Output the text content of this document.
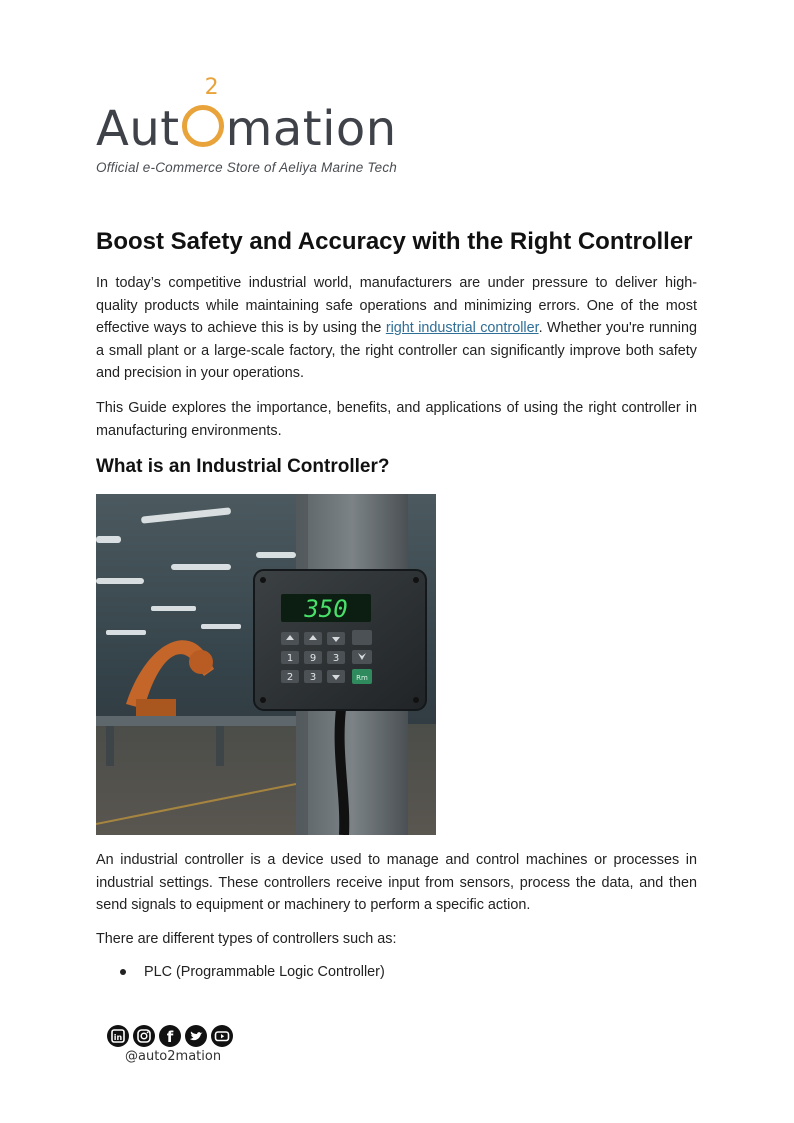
Aut
2
mation
Official e-Commerce Store of Aeliya Marine Tech
Boost Safety and Accuracy with the Right Controller

In today’s competitive industrial world, manufacturers are under pressure to deliver high-quality products while maintaining safe operations and minimizing errors. One of the most effective ways to achieve this is by using the right industrial controller. Whether you're running a small plant or a large-scale factory, the right controller can significantly improve both safety and precision in your operations.

This Guide explores the importance, benefits, and applications of using the right controller in manufacturing environments.

What is an Industrial Controller?
350
1 9 3
2 3	Rm

An industrial controller is a device used to manage and control machines or processes in industrial settings. These controllers receive input from sensors, process the data, and then send signals to equipment or machinery to perform a specific action.

There are different types of controllers such as:

PLC (Programmable Logic Controller)
in	f
@auto2mation
